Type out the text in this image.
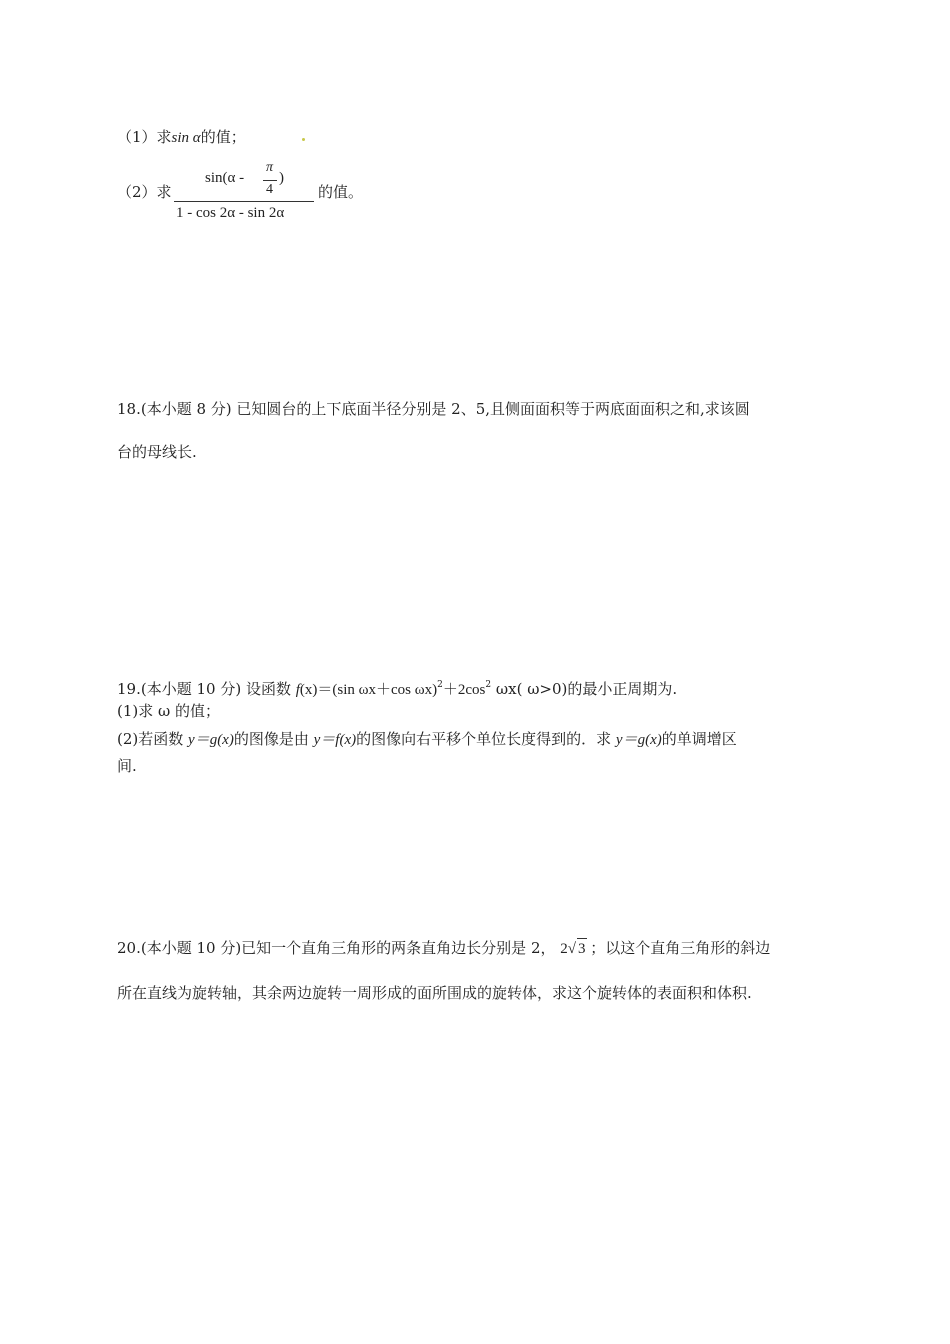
（1）求sin α的值；
（2）求
sin(α -
π
4
)
1 - cos 2α - sin 2α
的值。
18.(本小题 8 分) 已知圆台的上下底面半径分别是 2、5,且侧面面积等于两底面面积之和,求该圆
台的母线长.
19.(本小题 10 分) 设函数 f(x)＝(sin ωx＋cos $\omega x)^2+2\cos^2$ ωx( ω>0)的最小正周期为.
(1)求 ω 的值；
(2)若函数 y＝g(x)的图像是由 y＝f(x)的图像向右平移个单位长度得到的．求 y＝g(x)的单调增区
间.
20.(本小题 10 分)已知一个直角三角形的两条直角边长分别是 2， 2√ 3 ；以这个直角三角形的斜边
所在直线为旋转轴，其余两边旋转一周形成的面所围成的旋转体，求这个旋转体的表面积和体积.
